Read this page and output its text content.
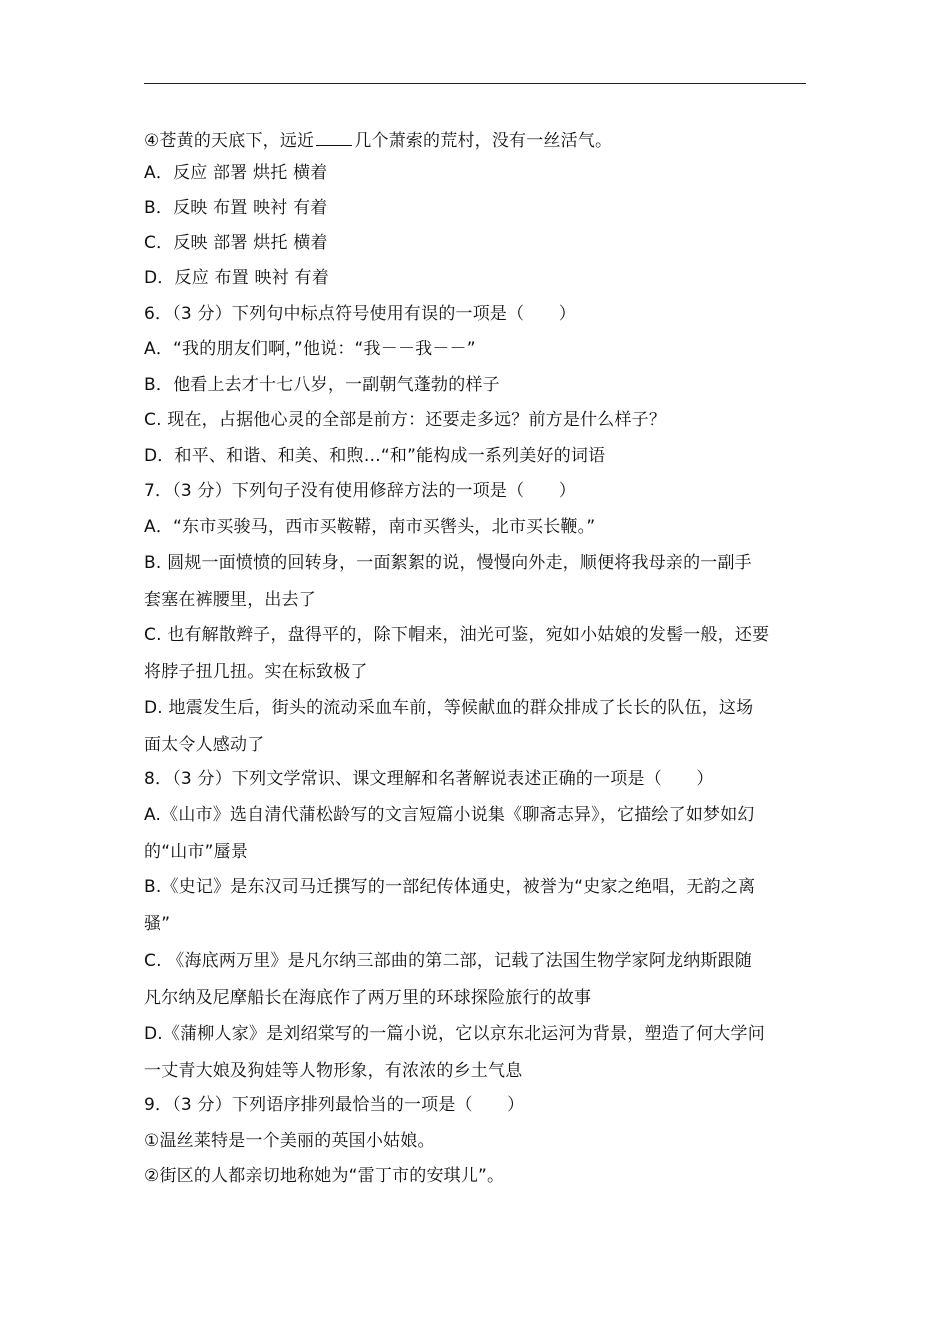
④苍黄的天底下，远近 几个萧索的荒村，没有一丝活气。
A．反应 部署 烘托 横着
B．反映 布置 映衬 有着
C．反映 部署 烘托 横着
D．反应 布置 映衬 有着
6．（3 分）下列句中标点符号使用有误的一项是（　　）
A．“我的朋友们啊，”他说：“我－－我－－”
B．他看上去才十七八岁，一副朝气蓬勃的样子
C. 现在，占据他心灵的全部是前方：还要走多远？前方是什么样子？
D．和平、和谐、和美、和煦…“和”能构成一系列美好的词语
7．（3 分）下列句子没有使用修辞方法的一项是（　　）
A．“东市买骏马，西市买鞍鞯，南市买辔头，北市买长鞭。”
B. 圆规一面愤愤的回转身，一面絮絮的说，慢慢向外走，顺便将我母亲的一副手
套塞在裤腰里，出去了
C. 也有解散辫子，盘得平的，除下帽来，油光可鉴，宛如小姑娘的发髻一般，还要
将脖子扭几扭。实在标致极了
D. 地震发生后，街头的流动采血车前，等候献血的群众排成了长长的队伍，这场
面太令人感动了
8．（3 分）下列文学常识、课文理解和名著解说表述正确的一项是（　　）
A.《山市》选自清代蒲松龄写的文言短篇小说集《聊斋志异》，它描绘了如梦如幻
的“山市”蜃景
B.《史记》是东汉司马迁撰写的一部纪传体通史，被誉为“史家之绝唱，无韵之离
骚”
C. 《海底两万里》是凡尔纳三部曲的第二部，记载了法国生物学家阿龙纳斯跟随
凡尔纳及尼摩船长在海底作了两万里的环球探险旅行的故事
D.《蒲柳人家》是刘绍棠写的一篇小说，它以京东北运河为背景，塑造了何大学问
一丈青大娘及狗娃等人物形象，有浓浓的乡土气息
9．（3 分）下列语序排列最恰当的一项是（　　）
①温丝莱特是一个美丽的英国小姑娘。
②街区的人都亲切地称她为“雷丁市的安琪儿”。
